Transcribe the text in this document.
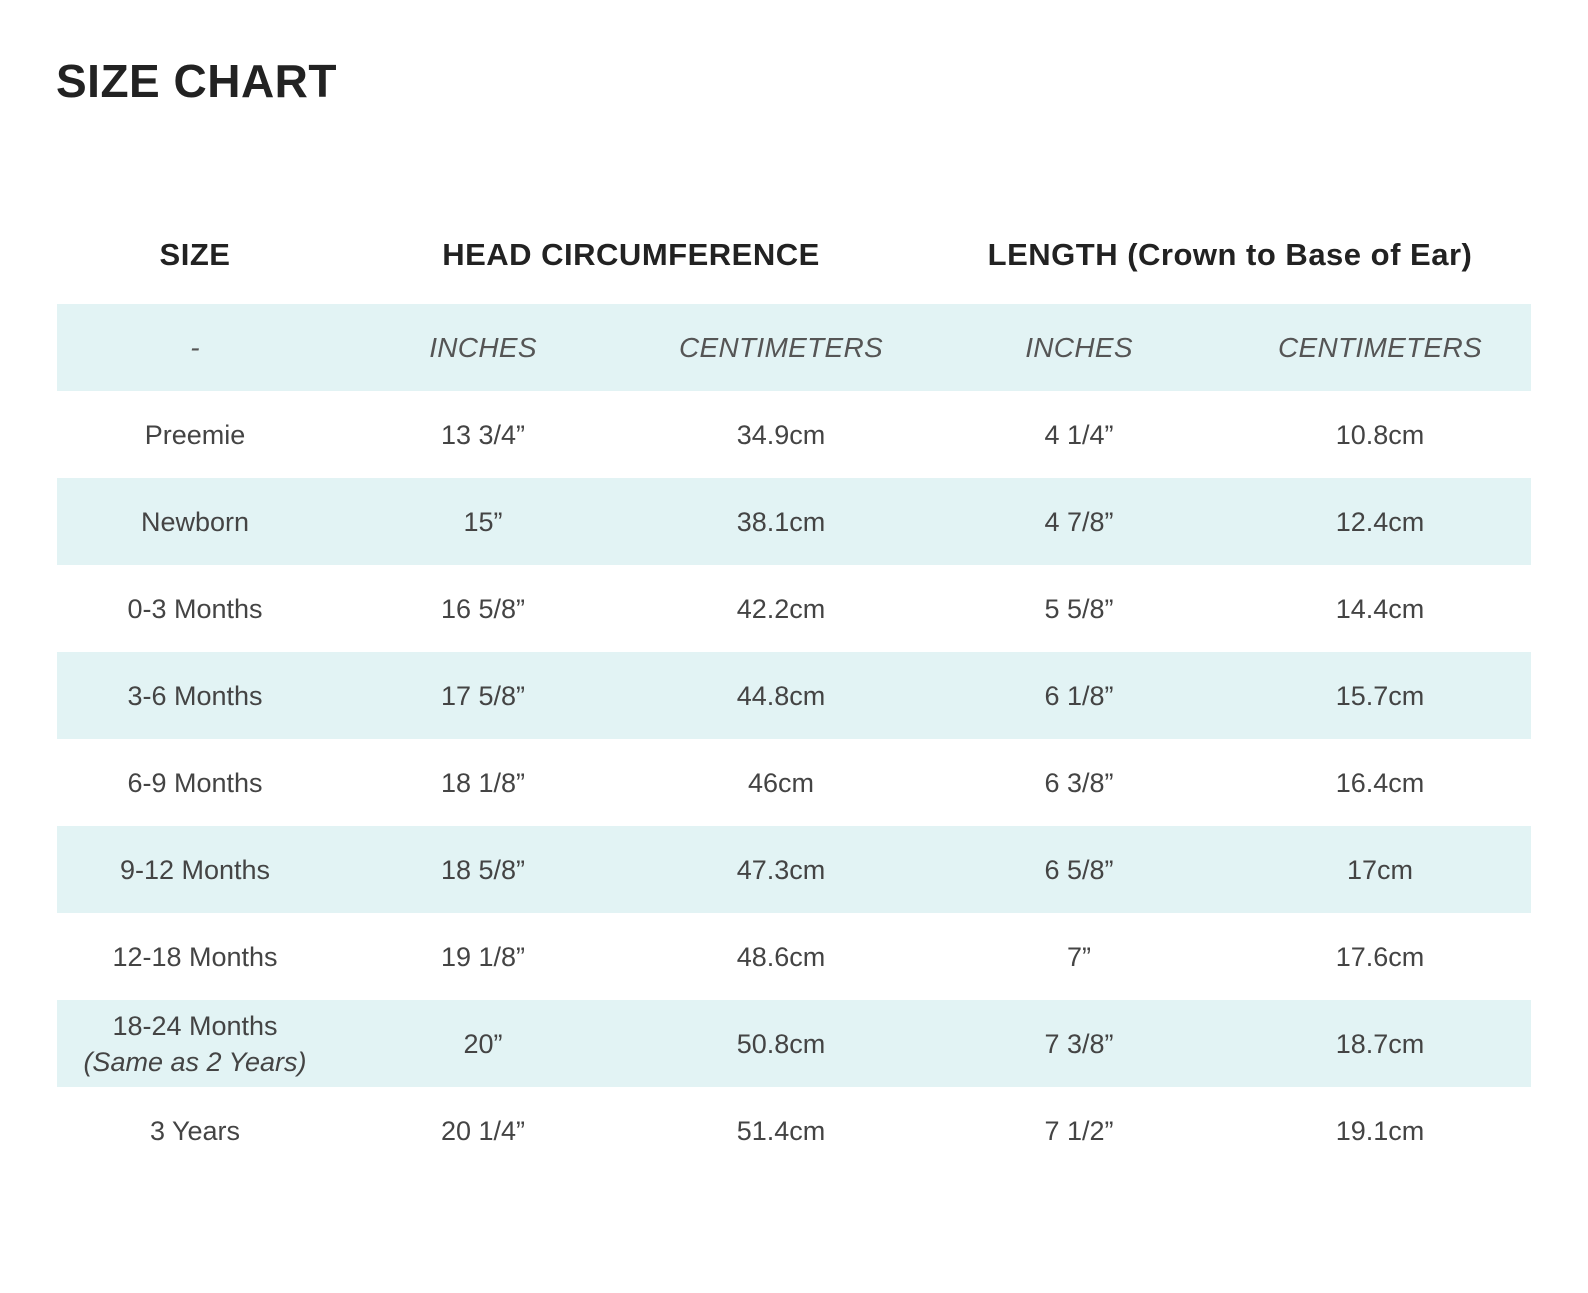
SIZE CHART
SIZE	HEAD CIRCUMFERENCE	LENGTH (Crown to Base of Ear)
-	INCHES	CENTIMETERS	INCHES	CENTIMETERS
Preemie	13 3/4”	34.9cm	4 1/4”	10.8cm
Newborn	15”	38.1cm	4 7/8”	12.4cm
0-3 Months	16 5/8”	42.2cm	5 5/8”	14.4cm
3-6 Months	17 5/8”	44.8cm	6 1/8”	15.7cm
6-9 Months	18 1/8”	46cm	6 3/8”	16.4cm
9-12 Months	18 5/8”	47.3cm	6 5/8”	17cm
12-18 Months	19 1/8”	48.6cm	7”	17.6cm
18-24 Months
(Same as 2 Years)
20”	50.8cm	7 3/8”	18.7cm
3 Years	20 1/4”	51.4cm	7 1/2”	19.1cm
